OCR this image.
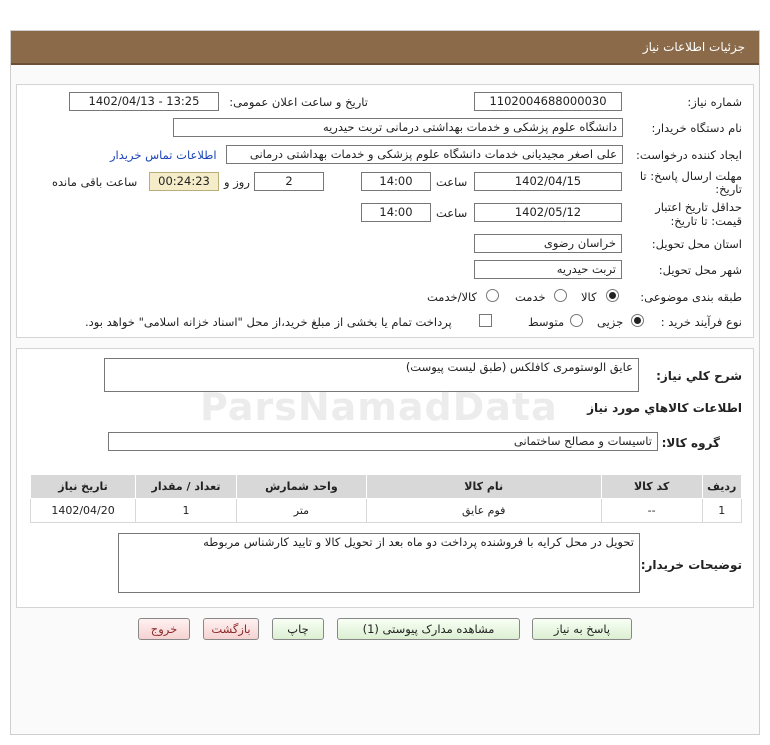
جزئیات اطلاعات نیاز
شماره نیاز:
1102004688000030
تاریخ و ساعت اعلان عمومی:
1402/04/13 - 13:25
نام دستگاه خریدار:
دانشگاه علوم پزشکی و خدمات بهداشتی درمانی تربت حیدریه
ایجاد کننده درخواست:
علی اصغر مجیدیانی خدمات دانشگاه علوم پزشکی و خدمات بهداشتی درمانی
اطلاعات تماس خریدار
مهلت ارسال پاسخ: تا
تاریخ:
1402/04/15
ساعت
14:00
2
روز و
00:24:23
ساعت باقی مانده
حداقل تاریخ اعتبار
قیمت: تا تاریخ:
1402/05/12
ساعت
14:00
استان محل تحویل:
خراسان رضوی
شهر محل تحویل:
تربت حیدریه
طبقه بندی موضوعی:
کالا
خدمت
کالا/خدمت
نوع فرآیند خرید :
جزیی
متوسط
پرداخت تمام یا بخشی از مبلغ خرید،از محل "اسناد خزانه اسلامی" خواهد بود.
شرح کلي نياز:
عایق الوستومری کافلکس (طبق لیست پیوست)
اطلاعات کالاهاي مورد نياز
گروه کالا:
تاسیسات و مصالح ساختمانی
تاریخ نیاز	تعداد / مقدار	واحد شمارش	نام کالا	کد کالا	ردیف
1402/04/20	1	متر	فوم عایق	--	1
توضیحات خریدار:
تحویل در محل کرایه با فروشنده پرداخت دو ماه بعد از تحویل کالا و تایید کارشناس مربوطه
پاسخ به نیاز
مشاهده مدارک پیوستی (1)
چاپ
بازگشت
خروج
